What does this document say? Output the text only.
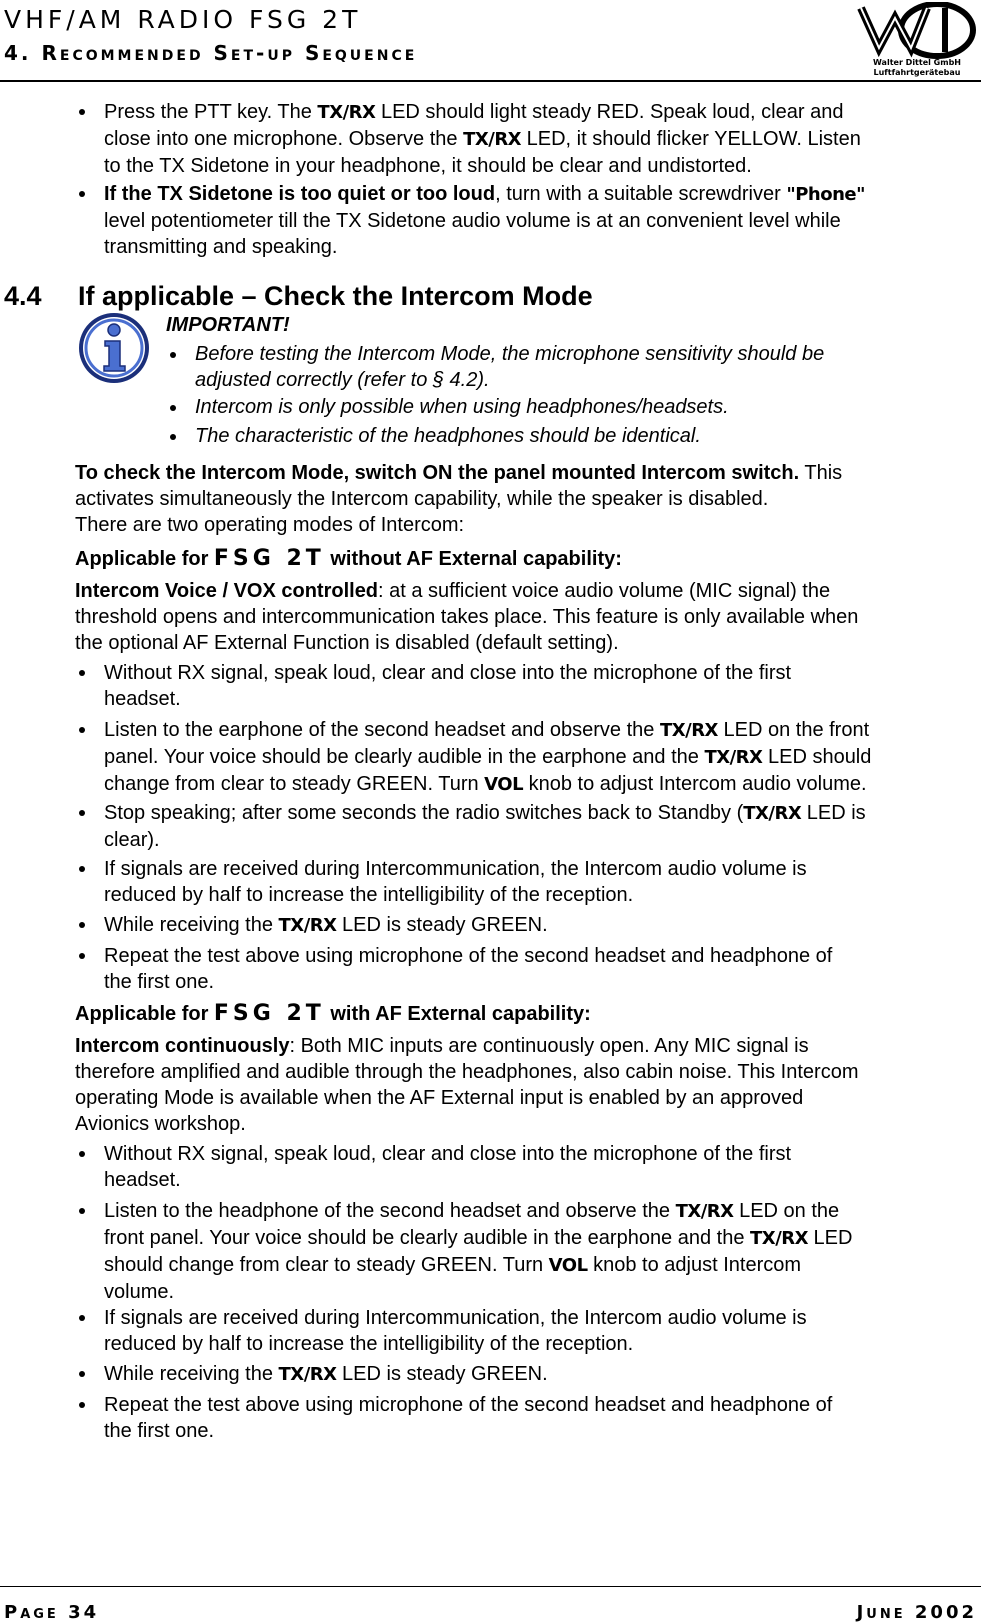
VHF/AM RADIO FSG 2T
4. Recommended Set-up Sequence	Walter Dittel GmbH
Luftfahrtgerätebau
Press the PTT key. The TX/RX LED should light steady RED. Speak loud, clear and
close into one microphone. Observe the TX/RX LED, it should flicker YELLOW. Listen
to the TX Sidetone in your headphone, it should be clear and undistorted.
If the TX Sidetone is too quiet or too loud, turn with a suitable screwdriver "Phone"
level potentiometer till the TX Sidetone audio volume is at an convenient level while
transmitting and speaking.
4.4 If applicable – Check the Intercom Mode
IMPORTANT!
Before testing the Intercom Mode, the microphone sensitivity should be
adjusted correctly (refer to § 4.2).
Intercom is only possible when using headphones/headsets.
The characteristic of the headphones should be identical.
To check the Intercom Mode, switch ON the panel mounted Intercom switch. This
activates simultaneously the Intercom capability, while the speaker is disabled.
There are two operating modes of Intercom:
Applicable for FSG 2T without AF External capability:
Intercom Voice / VOX controlled: at a sufficient voice audio volume (MIC signal) the
threshold opens and intercommunication takes place. This feature is only available when
the optional AF External Function is disabled (default setting).
Without RX signal, speak loud, clear and close into the microphone of the first
headset.
Listen to the earphone of the second headset and observe the TX/RX LED on the front
panel. Your voice should be clearly audible in the earphone and the TX/RX LED should
change from clear to steady GREEN. Turn VOL knob to adjust Intercom audio volume.
Stop speaking; after some seconds the radio switches back to Standby (TX/RX LED is
clear).
If signals are received during Intercommunication, the Intercom audio volume is
reduced by half to increase the intelligibility of the reception.
While receiving the TX/RX LED is steady GREEN.
Repeat the test above using microphone of the second headset and headphone of
the first one.
Applicable for FSG 2T with AF External capability:
Intercom continuously: Both MIC inputs are continuously open. Any MIC signal is
therefore amplified and audible through the headphones, also cabin noise. This Intercom
operating Mode is available when the AF External input is enabled by an approved
Avionics workshop.
Without RX signal, speak loud, clear and close into the microphone of the first
headset.
Listen to the headphone of the second headset and observe the TX/RX LED on the
front panel. Your voice should be clearly audible in the earphone and the TX/RX LED
should change from clear to steady GREEN. Turn VOL knob to adjust Intercom
volume.
If signals are received during Intercommunication, the Intercom audio volume is
reduced by half to increase the intelligibility of the reception.
While receiving the TX/RX LED is steady GREEN.
Repeat the test above using microphone of the second headset and headphone of
the first one.
Page 34	June 2002
